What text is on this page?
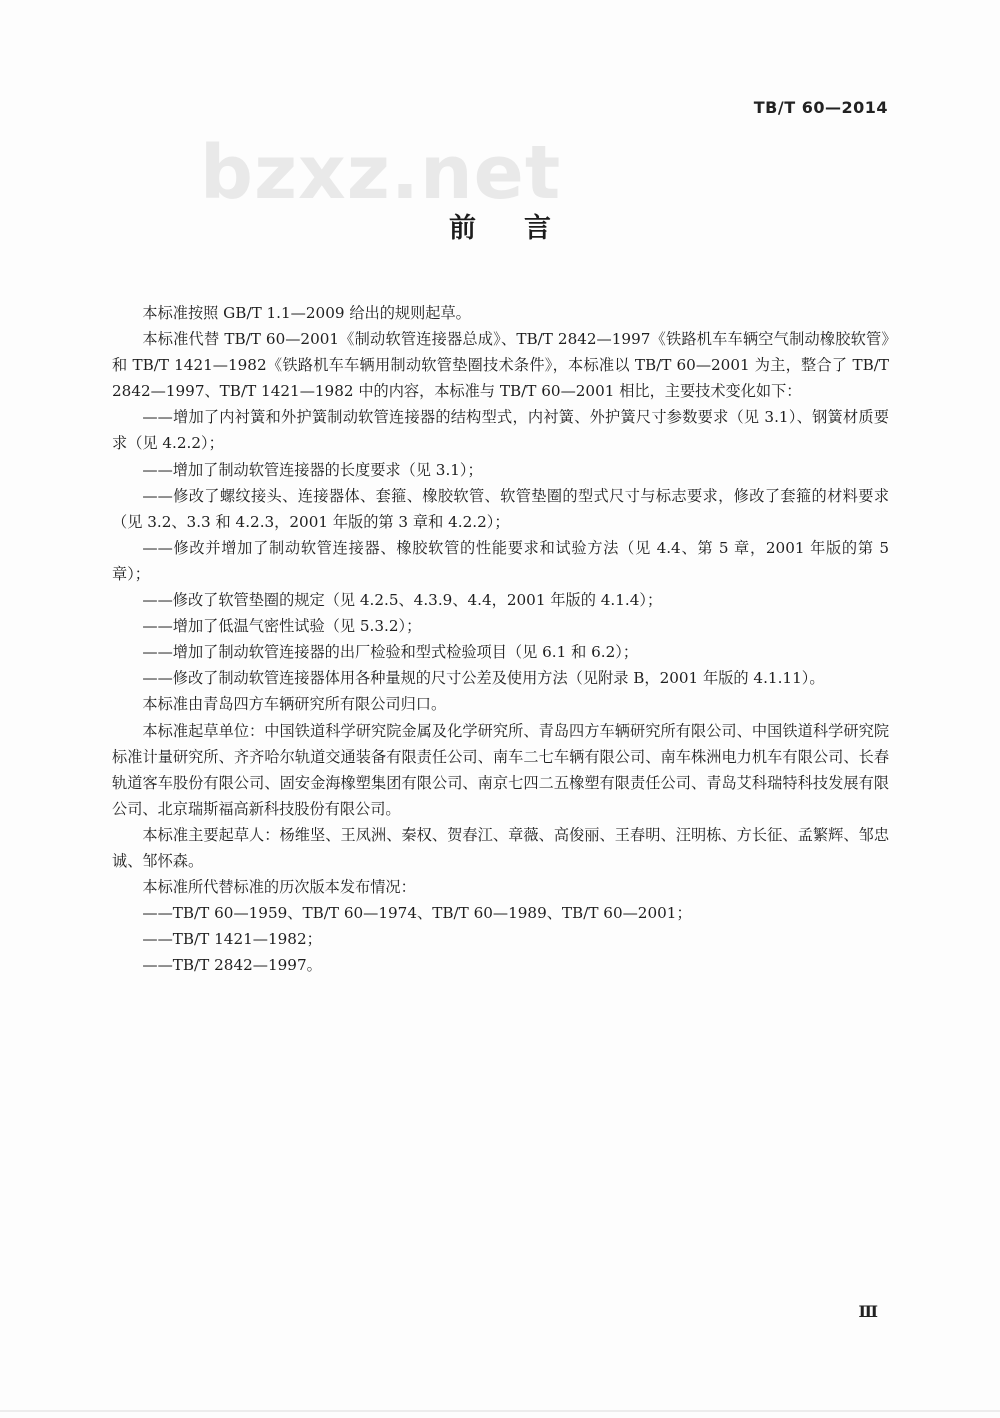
TB/T 60—2014
bzxz.net
前言

本标准按照 GB/T 1.1—2009 给出的规则起草。

本标准代替 TB/T 60—2001《制动软管连接器总成》、TB/T 2842—1997《铁路机车车辆空气制动橡胶软管》和 TB/T 1421—1982《铁路机车车辆用制动软管垫圈技术条件》，本标准以 TB/T 60—2001 为主，整合了 TB/T 2842—1997、TB/T 1421—1982 中的内容，本标准与 TB/T 60—2001 相比，主要技术变化如下：

——增加了内衬簧和外护簧制动软管连接器的结构型式，内衬簧、外护簧尺寸参数要求（见 3.1）、钢簧材质要求（见 4.2.2）；

——增加了制动软管连接器的长度要求（见 3.1）；

——修改了螺纹接头、连接器体、套箍、橡胶软管、软管垫圈的型式尺寸与标志要求，修改了套箍的材料要求（见 3.2、3.3 和 4.2.3，2001 年版的第 3 章和 4.2.2）；

——修改并增加了制动软管连接器、橡胶软管的性能要求和试验方法（见 4.4、第 5 章，2001 年版的第 5 章）；

——修改了软管垫圈的规定（见 4.2.5、4.3.9、4.4，2001 年版的 4.1.4）；

——增加了低温气密性试验（见 5.3.2）；

——增加了制动软管连接器的出厂检验和型式检验项目（见 6.1 和 6.2）；

——修改了制动软管连接器体用各种量规的尺寸公差及使用方法（见附录 B，2001 年版的 4.1.11）。

本标准由青岛四方车辆研究所有限公司归口。

本标准起草单位：中国铁道科学研究院金属及化学研究所、青岛四方车辆研究所有限公司、中国铁道科学研究院标准计量研究所、齐齐哈尔轨道交通装备有限责任公司、南车二七车辆有限公司、南车株洲电力机车有限公司、长春轨道客车股份有限公司、固安金海橡塑集团有限公司、南京七四二五橡塑有限责任公司、青岛艾科瑞特科技发展有限公司、北京瑞斯福高新科技股份有限公司。

本标准主要起草人：杨维坚、王凤洲、秦权、贺春江、章薇、高俊丽、王春明、汪明栋、方长征、孟繁辉、邹忠诚、邹怀森。

本标准所代替标准的历次版本发布情况：

——TB/T 60—1959、TB/T 60—1974、TB/T 60—1989、TB/T 60—2001；

——TB/T 1421—1982；

——TB/T 2842—1997。

Ⅲ
